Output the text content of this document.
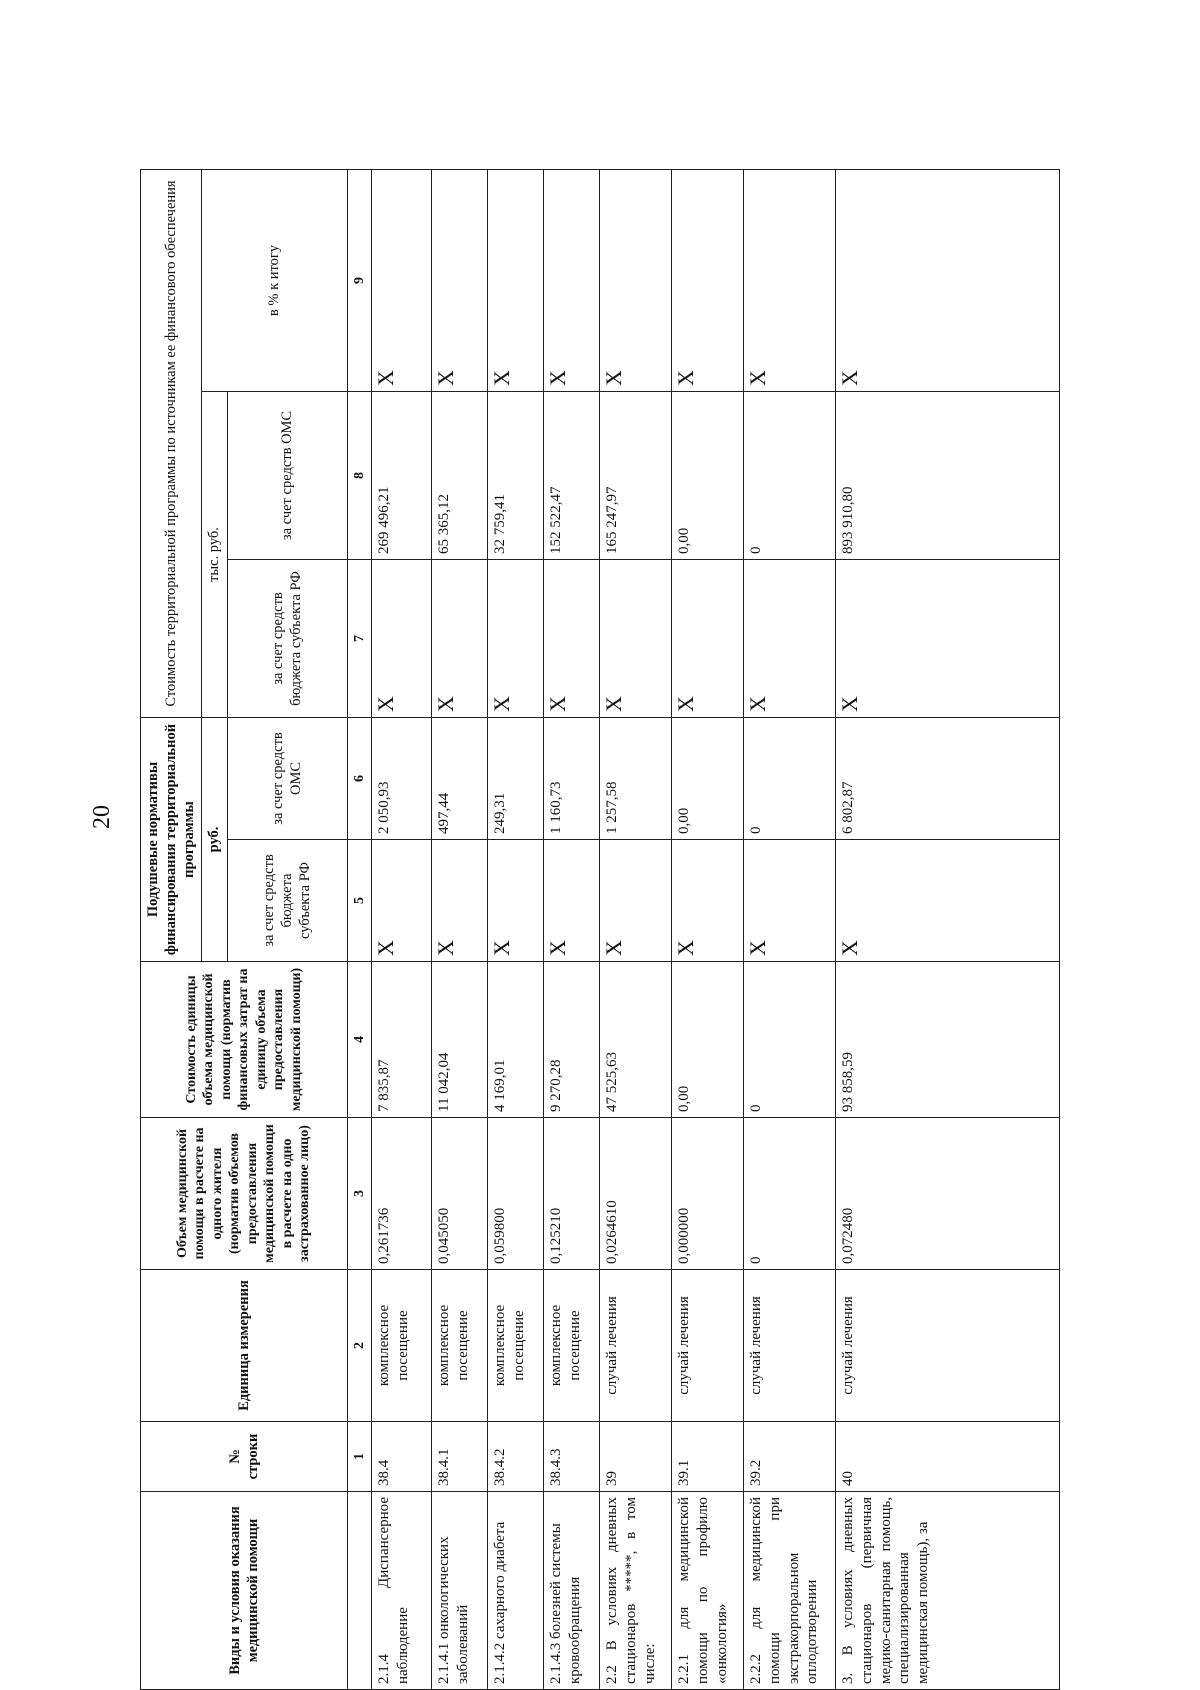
20
Виды и условия оказания медицинской помощи	№ строки	Единица измерения	Объем медицинской помощи в расчете на одного жителя (норматив объемов предоставления медицинской помощи в расчете на одно застрахованное лицо)	Стоимость единицы объема медицинской помощи (норматив финансовых затрат на единицу объема предоставления медицинской помощи)	Подушевые нормативы финансирования территориальной программы		Стоимость территориальной программы по источникам ее финансового обеспечения		
					руб.		тыс. руб.		в % к итогу
					за счет средств бюджета субъекта РФ	за счет средств ОМС	за счет средств бюджета субъекта РФ	за счет средств ОМС	
	1	2	3	4	5	6	7	8	9
2.1.4 Диспансерное наблюдение	38.4	комплексное посещение	0,261736	7 835,87	X	2 050,93	X	269 496,21	X
2.1.4.1 онкологических заболеваний	38.4.1	комплексное посещение	0,045050	11 042,04	X	497,44	X	65 365,12	X
2.1.4.2 сахарного диабета	38.4.2	комплексное посещение	0,059800	4 169,01	X	249,31	X	32 759,41	X
2.1.4.3 болезней системы кровообращения	38.4.3	комплексное посещение	0,125210	9 270,28	X	1 160,73	X	152 522,47	X
2.2 В условиях дневных стационаров *****, в том числе:	39	случай лечения	0,0264610	47 525,63	X	1 257,58	X	165 247,97	X
2.2.1 для медицинской помощи по профилю «онкология»	39.1	случай лечения	0,000000	0,00	X	0,00	X	0,00	X
2.2.2 для медицинской помощи при экстракорпоральном оплодотворении	39.2	случай лечения	0	0	X	0	X	0	X
3. В условиях дневных стационаров (первичная медико-санитарная помощь, специализированная медицинская помощь), за	40	случай лечения	0,072480	93 858,59	X	6 802,87	X	893 910,80	X
